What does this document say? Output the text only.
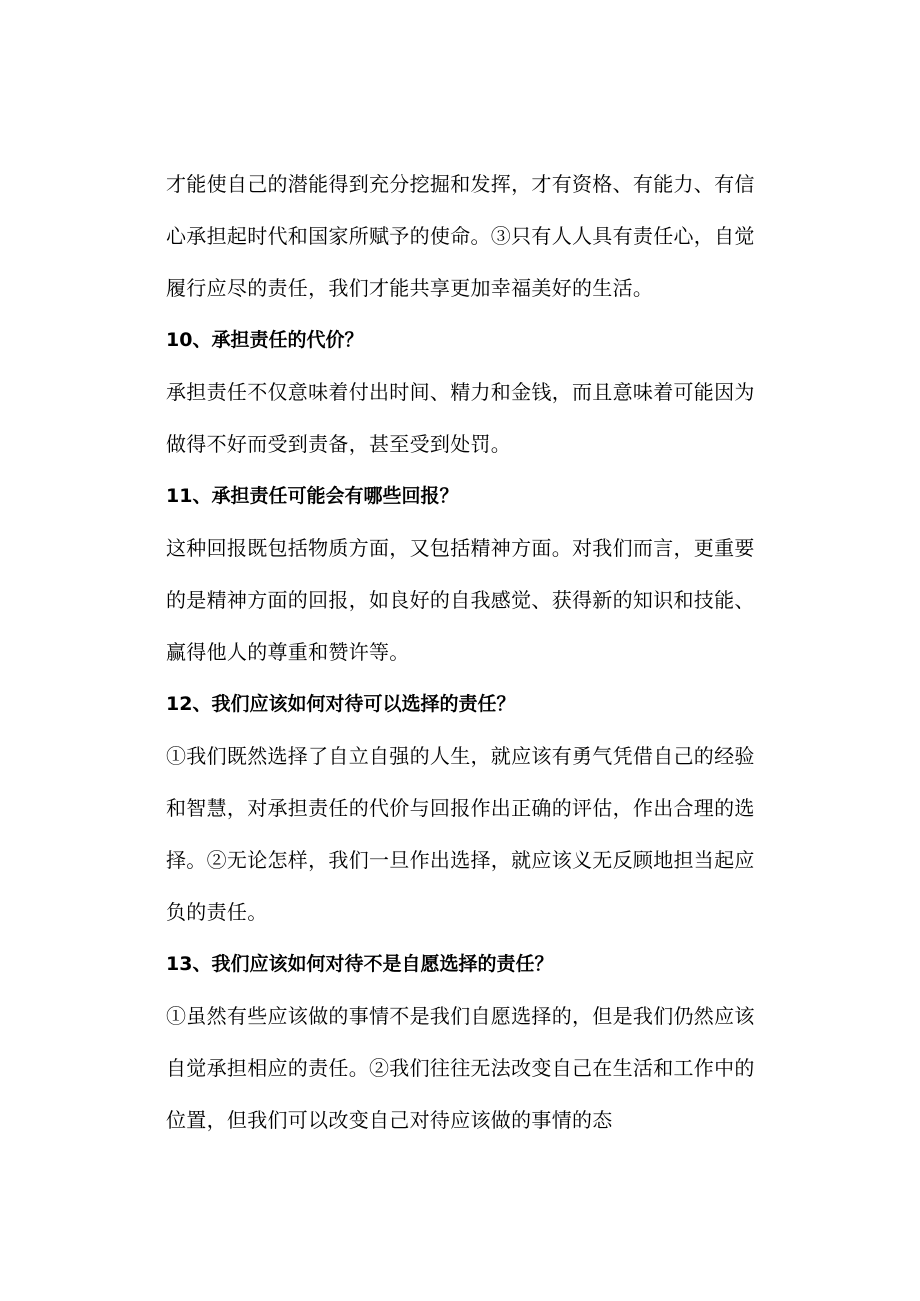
才能使自己的潜能得到充分挖掘和发挥，才有资格、有能力、有信
心承担起时代和国家所赋予的使命。③只有人人具有责任心，自觉
履行应尽的责任，我们才能共享更加幸福美好的生活。

10、承担责任的代价？

承担责任不仅意味着付出时间、精力和金钱，而且意味着可能因为
做得不好而受到责备，甚至受到处罚。

11、承担责任可能会有哪些回报？

这种回报既包括物质方面，又包括精神方面。对我们而言，更重要
的是精神方面的回报，如良好的自我感觉、获得新的知识和技能、
赢得他人的尊重和赞许等。

12、我们应该如何对待可以选择的责任？

①我们既然选择了自立自强的人生，就应该有勇气凭借自己的经验
和智慧，对承担责任的代价与回报作出正确的评估，作出合理的选
择。②无论怎样，我们一旦作出选择，就应该义无反顾地担当起应
负的责任。

13、我们应该如何对待不是自愿选择的责任？

①虽然有些应该做的事情不是我们自愿选择的，但是我们仍然应该
自觉承担相应的责任。②我们往往无法改变自己在生活和工作中的
位置，但我们可以改变自己对待应该做的事情的态
